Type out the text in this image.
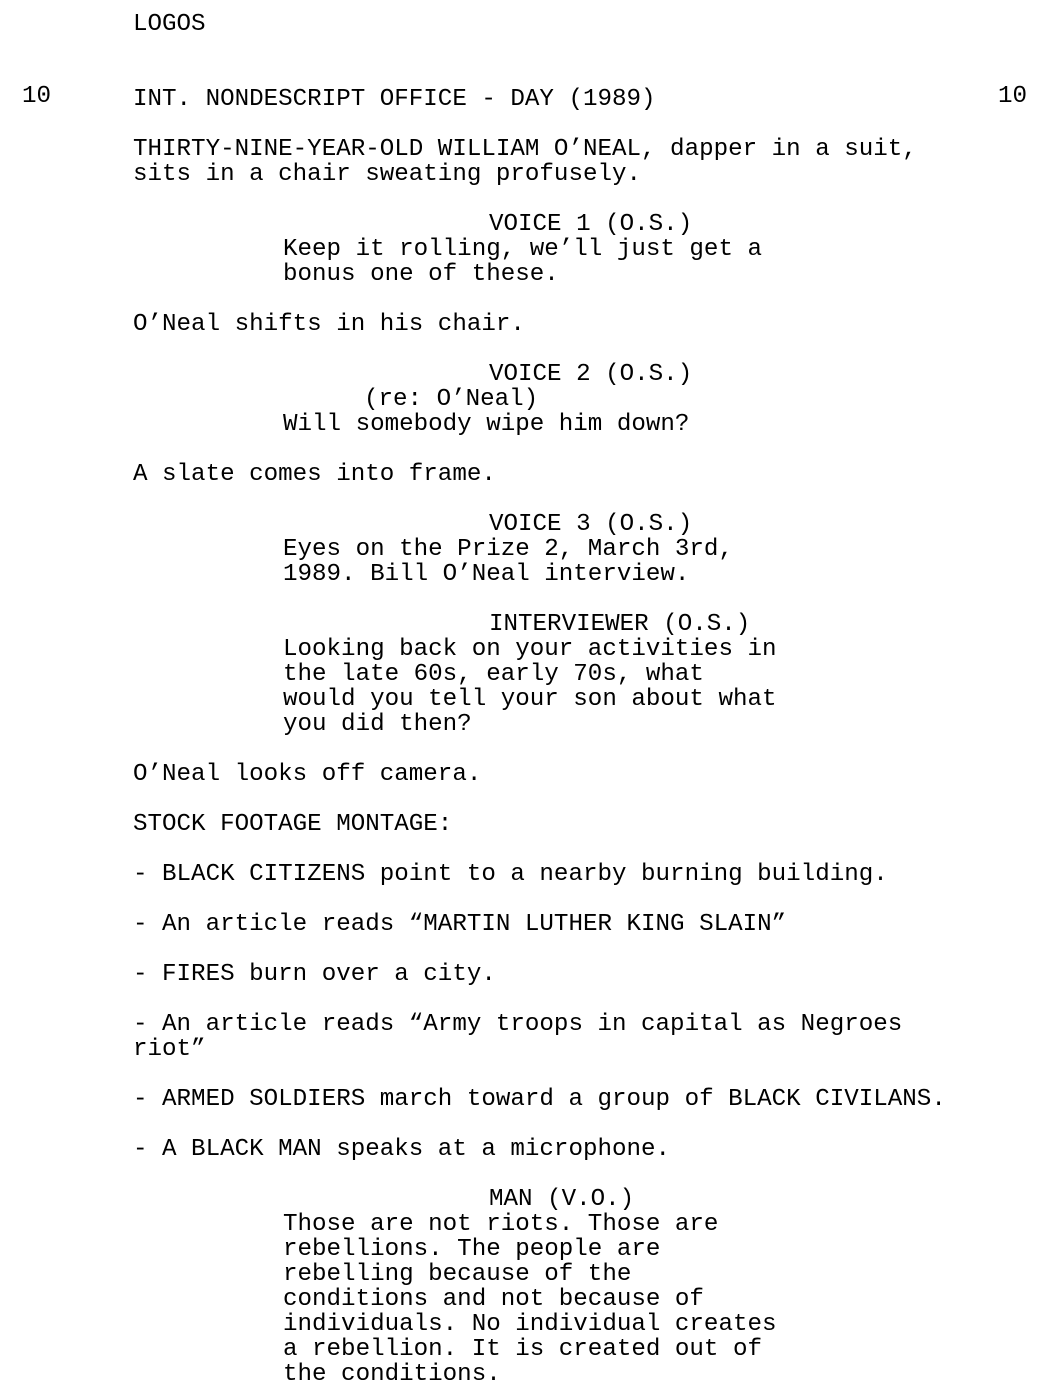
LOGOS

10	INT. NONDESCRIPT OFFICE - DAY (1989)	10

THIRTY-NINE-YEAR-OLD WILLIAM O’NEAL, dapper in a suit,

sits in a chair sweating profusely.

VOICE 1 (O.S.)

Keep it rolling, we’ll just get a

bonus one of these.

O’Neal shifts in his chair.

VOICE 2 (O.S.)

(re: O’Neal)

Will somebody wipe him down?

A slate comes into frame.

VOICE 3 (O.S.)

Eyes on the Prize 2, March 3rd,

1989. Bill O’Neal interview.

INTERVIEWER (O.S.)

Looking back on your activities in

the late 60s, early 70s, what

would you tell your son about what

you did then?

O’Neal looks off camera.

STOCK FOOTAGE MONTAGE:

- BLACK CITIZENS point to a nearby burning building.

- An article reads “MARTIN LUTHER KING SLAIN”

- FIRES burn over a city.

- An article reads “Army troops in capital as Negroes

riot”

- ARMED SOLDIERS march toward a group of BLACK CIVILANS.

- A BLACK MAN speaks at a microphone.

MAN (V.O.)

Those are not riots. Those are

rebellions. The people are

rebelling because of the

conditions and not because of

individuals. No individual creates

a rebellion. It is created out of

the conditions.
